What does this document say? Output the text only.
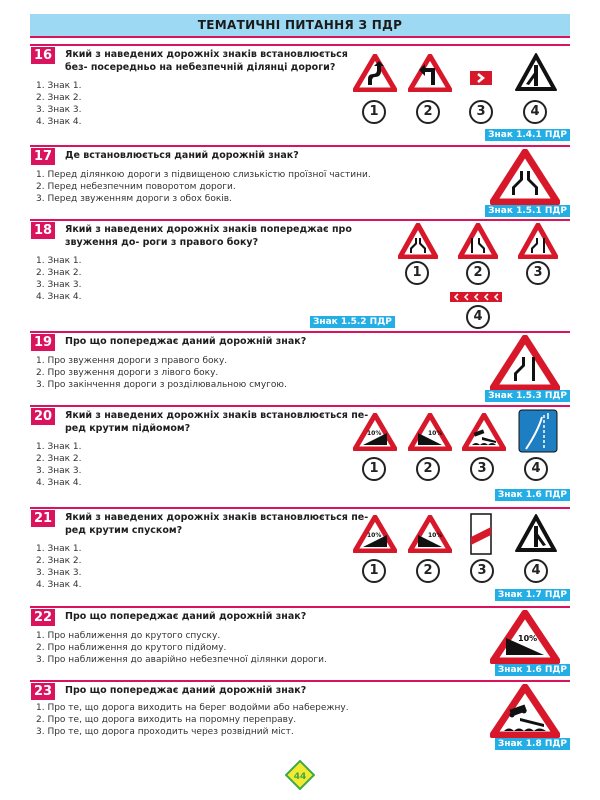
ТЕМАТИЧНІ ПИТАННЯ З ПДР
16	Який з наведених дорожніх знаків встановлюється без- посередньо на небезпечній ділянці дороги?
1. Знак 1.
2. Знак 2.
3. Знак 3.
4. Знак 4.
1	2	3	4
Знак 1.4.1 ПДР
17	Де встановлюється даний дорожній знак?
1. Перед ділянкою дороги з підвищеною слизькістю проїзної частини.
2. Перед небезпечним поворотом дороги.
3. Перед звуженням дороги з обох боків.
Знак 1.5.1 ПДР
18	Який з наведених дорожніх знаків попереджає про звуження до- роги з правого боку?
1. Знак 1.
2. Знак 2.
3. Знак 3.
4. Знак 4.
1	2	3
4
Знак 1.5.2 ПДР
19	Про що попереджає даний дорожній знак?
1. Про звуження дороги з правого боку.
2. Про звуження дороги з лівого боку.
3. Про закінчення дороги з розділювальною смугою.
Знак 1.5.3 ПДР
20	Який з наведених дорожніх знаків встановлюється пе- ред крутим підйомом?
1. Знак 1.
2. Знак 2.
3. Знак 3.
4. Знак 4.
10%	10%
1	2	3	4
Знак 1.6 ПДР
21	Який з наведених дорожніх знаків встановлюється пе- ред крутим спуском?
1. Знак 1.
2. Знак 2.
3. Знак 3.
4. Знак 4.
10%	10%
1	2	3	4
Знак 1.7 ПДР
22	Про що попереджає даний дорожній знак?
1. Про наближення до крутого спуску.
2. Про наближення до крутого підйому.
3. Про наближення до аварійно небезпечної ділянки дороги.
10%
Знак 1.6 ПДР
23	Про що попереджає даний дорожній знак?
1. Про те, що дорога виходить на берег водойми або набережну.
2. Про те, що дорога виходить на поромну переправу.
3. Про те, що дорога проходить через розвідний міст.
Знак 1.8 ПДР
44
